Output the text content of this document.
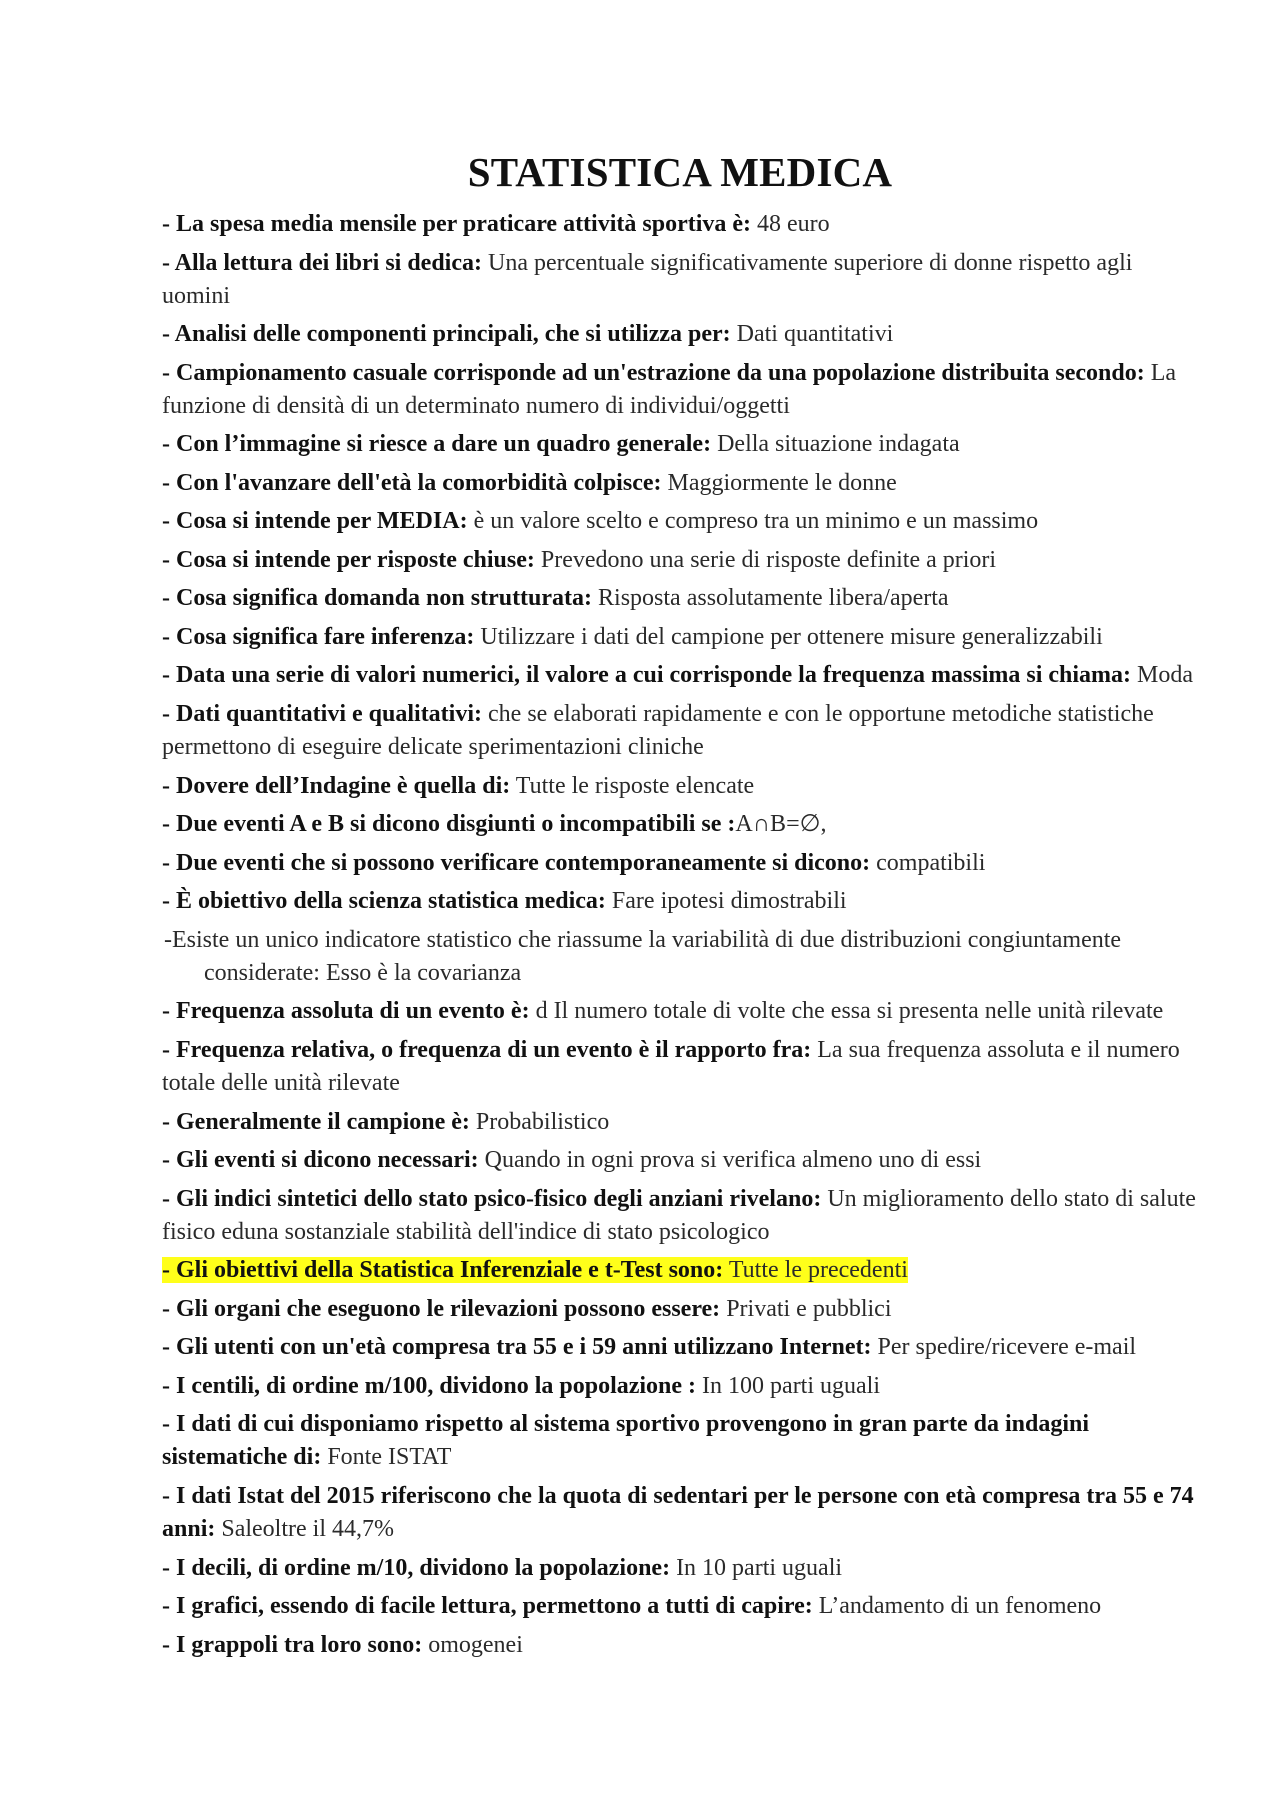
STATISTICA MEDICA
- La spesa media mensile per praticare attività sportiva è: 48 euro
- Alla lettura dei libri si dedica: Una percentuale significativamente superiore di donne rispetto agli uomini
- Analisi delle componenti principali, che si utilizza per: Dati quantitativi
- Campionamento casuale corrisponde ad un'estrazione da una popolazione distribuita secondo: La funzione di densità di un determinato numero di individui/oggetti
- Con l’immagine si riesce a dare un quadro generale: Della situazione indagata
- Con l'avanzare dell'età la comorbidità colpisce: Maggiormente le donne
- Cosa si intende per MEDIA: è un valore scelto e compreso tra un minimo e un massimo
- Cosa si intende per risposte chiuse: Prevedono una serie di risposte definite a priori
- Cosa significa domanda non strutturata: Risposta assolutamente libera/aperta
- Cosa significa fare inferenza: Utilizzare i dati del campione per ottenere misure generalizzabili
- Data una serie di valori numerici, il valore a cui corrisponde la frequenza massima si chiama: Moda
- Dati quantitativi e qualitativi: che se elaborati rapidamente e con le opportune metodiche statistiche permettono di eseguire delicate sperimentazioni cliniche
- Dovere dell’Indagine è quella di: Tutte le risposte elencate
- Due eventi A e B si dicono disgiunti o incompatibili se :A∩B=∅,
- Due eventi che si possono verificare contemporaneamente si dicono: compatibili
- È obiettivo della scienza statistica medica: Fare ipotesi dimostrabili
-Esiste un unico indicatore statistico che riassume la variabilità di due distribuzioni congiuntamente considerate: Esso è la covarianza
- Frequenza assoluta di un evento è: d Il numero totale di volte che essa si presenta nelle unità rilevate
- Frequenza relativa, o frequenza di un evento è il rapporto fra: La sua frequenza assoluta e il numero totale delle unità rilevate
- Generalmente il campione è: Probabilistico
- Gli eventi si dicono necessari: Quando in ogni prova si verifica almeno uno di essi
- Gli indici sintetici dello stato psico-fisico degli anziani rivelano: Un miglioramento dello stato di salute fisico eduna sostanziale stabilità dell'indice di stato psicologico
- Gli obiettivi della Statistica Inferenziale e t-Test sono: Tutte le precedenti
- Gli organi che eseguono le rilevazioni possono essere: Privati e pubblici
- Gli utenti con un'età compresa tra 55 e i 59 anni utilizzano Internet: Per spedire/ricevere e-mail
- I centili, di ordine m/100, dividono la popolazione : In 100 parti uguali
- I dati di cui disponiamo rispetto al sistema sportivo provengono in gran parte da indagini sistematiche di: Fonte ISTAT
- I dati Istat del 2015 riferiscono che la quota di sedentari per le persone con età compresa tra 55 e 74 anni: Saleoltre il 44,7%
- I decili, di ordine m/10, dividono la popolazione: In 10 parti uguali
- I grafici, essendo di facile lettura, permettono a tutti di capire: L’andamento di un fenomeno
- I grappoli tra loro sono: omogenei
